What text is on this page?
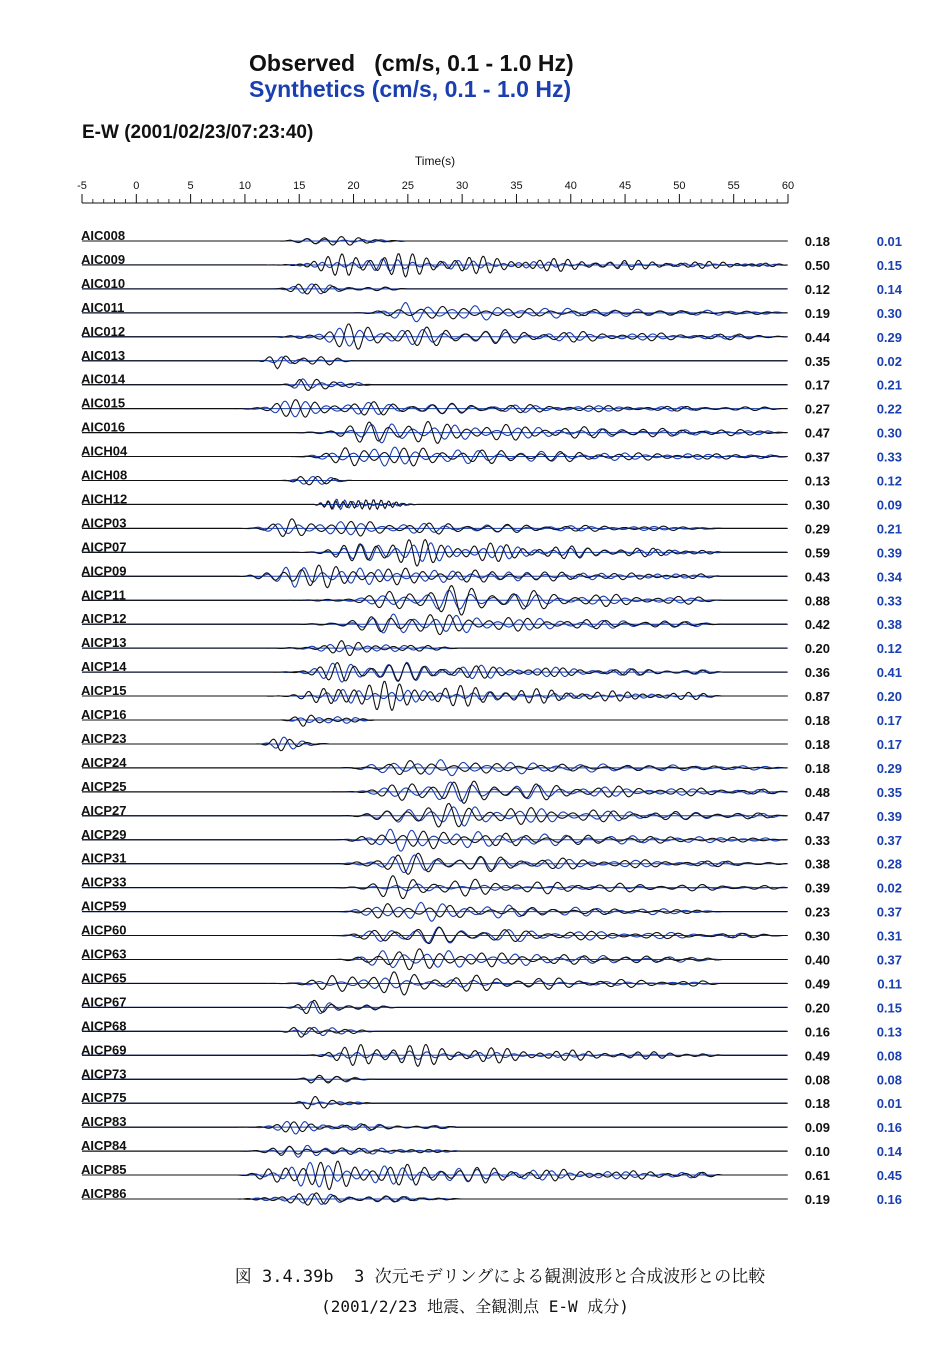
Observed   (cm/s, 0.1 - 1.0 Hz)
Synthetics (cm/s, 0.1 - 1.0 Hz)
E-W (2001/02/23/07:23:40)
Time(s)
-5	0	5	10	15	20	25	30	35	40	45	50	55	60
AIC008	0.18	0.01
AIC009	0.50	0.15
AIC010	0.12	0.14
AIC011	0.19	0.30
AIC012	0.44	0.29
AIC013	0.35	0.02
AIC014	0.17	0.21
AIC015	0.27	0.22
AIC016	0.47	0.30
AICH04	0.37	0.33
AICH08	0.13	0.12
AICH12	0.30	0.09
AICP03	0.29	0.21
AICP07	0.59	0.39
AICP09	0.43	0.34
AICP11	0.88	0.33
AICP12	0.42	0.38
AICP13	0.20	0.12
AICP14	0.36	0.41
AICP15	0.87	0.20
AICP16	0.18	0.17
AICP23	0.18	0.17
AICP24	0.18	0.29
AICP25	0.48	0.35
AICP27	0.47	0.39
AICP29	0.33	0.37
AICP31	0.38	0.28
AICP33	0.39	0.02
AICP59	0.23	0.37
AICP60	0.30	0.31
AICP63	0.40	0.37
AICP65	0.49	0.11
AICP67	0.20	0.15
AICP68	0.16	0.13
AICP69	0.49	0.08
AICP73	0.08	0.08
AICP75	0.18	0.01
AICP83	0.09	0.16
AICP84	0.10	0.14
AICP85	0.61	0.45
AICP86	0.19	0.16
図 3.4.39b  3 次元モデリングによる観測波形と合成波形との比較
(2001/2/23 地震、全観測点 E-W 成分)
